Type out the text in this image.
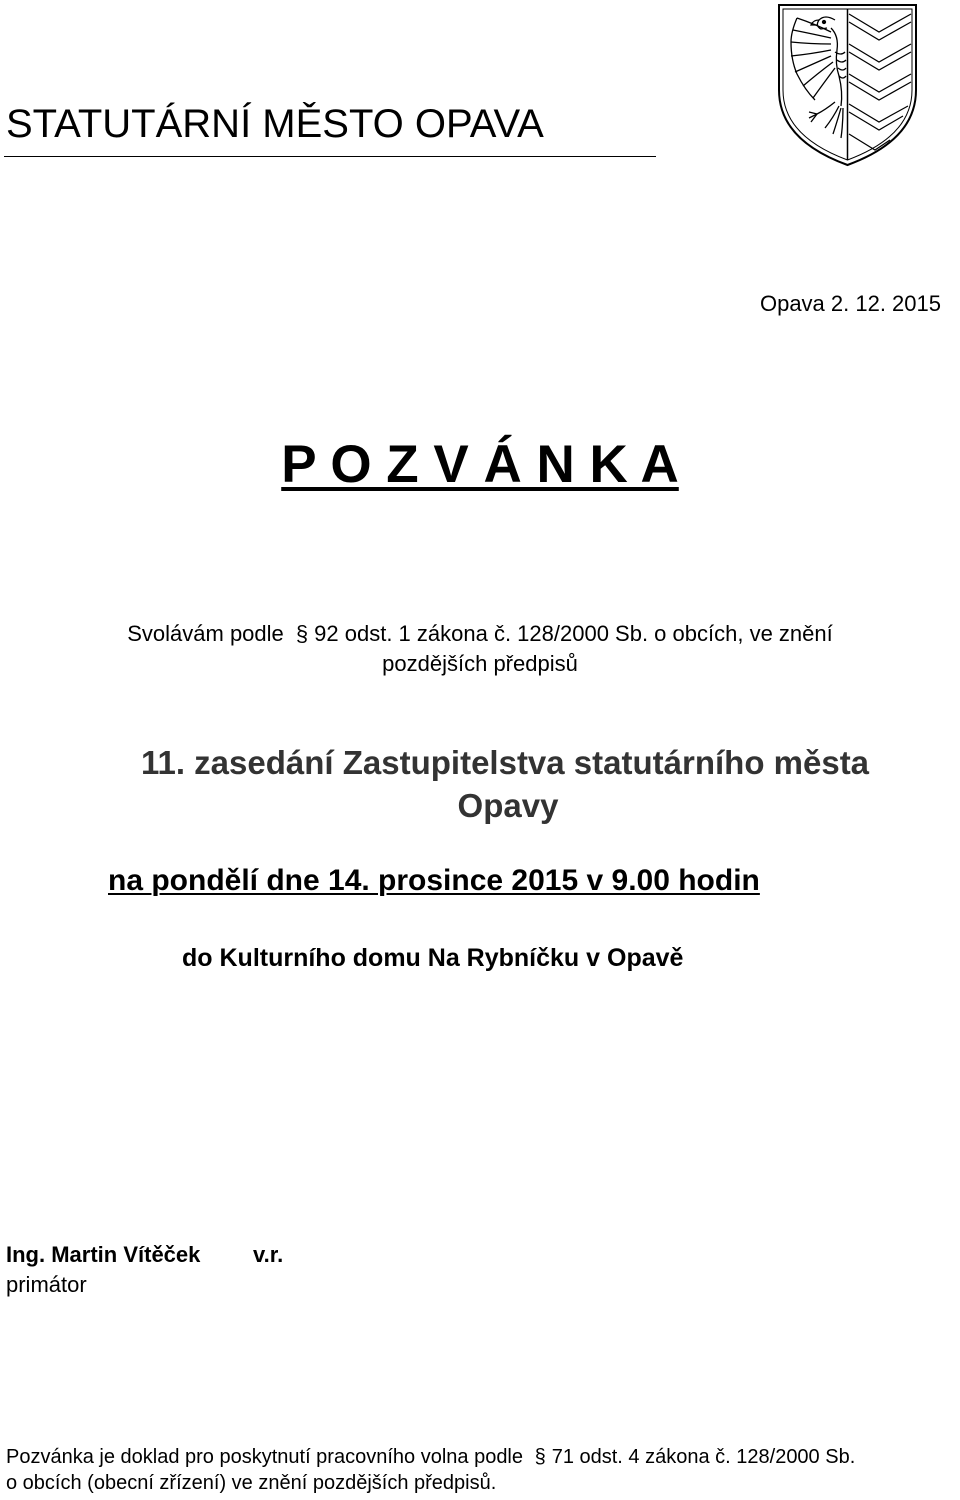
STATUTÁRNÍ MĚSTO OPAVA
Opava 2. 12. 2015
P O Z V Á N K A
Svolávám podle § 92 odst. 1 zákona č. 128/2000 Sb. o obcích, ve znění
pozdějších předpisů
11. zasedání Zastupitelstva statutárního města
Opavy
na pondělí dne 14. prosince 2015 v 9.00 hodin
do Kulturního domu Na Rybníčku v Opavě
Ing. Martin Vítěček v.r.
primátor
Pozvánka je doklad pro poskytnutí pracovního volna podle § 71 odst. 4 zákona č. 128/2000 Sb.
o obcích (obecní zřízení) ve znění pozdějších předpisů.
